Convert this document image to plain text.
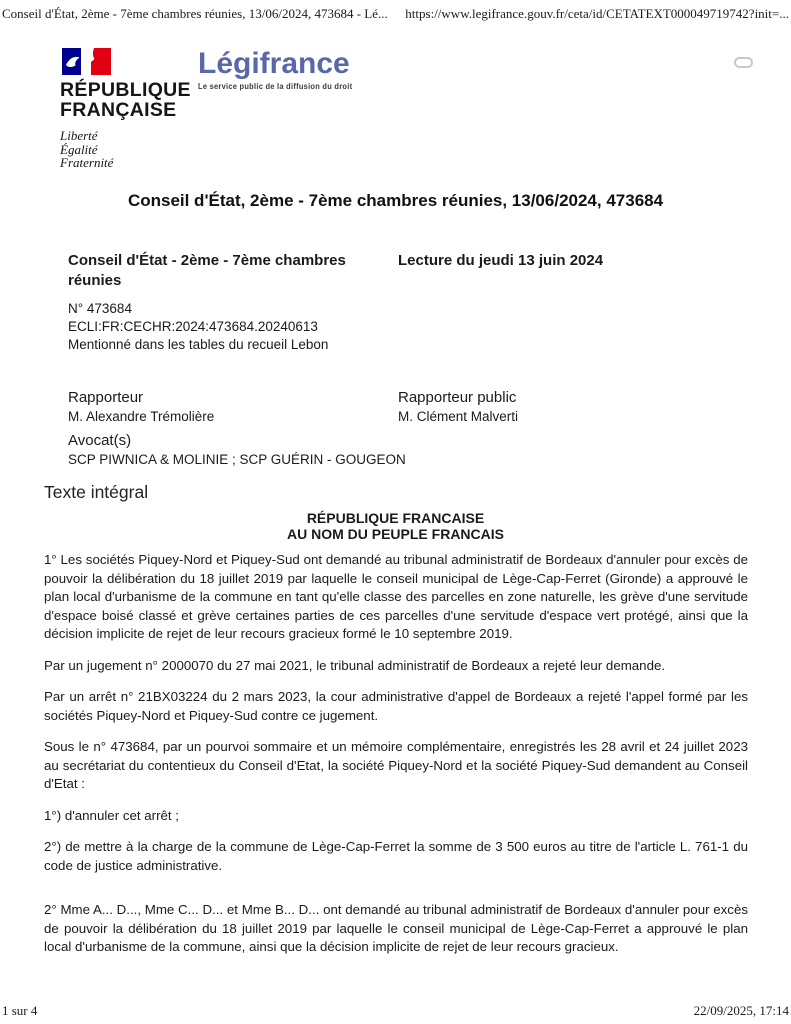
Conseil d'État, 2ème - 7ème chambres réunies, 13/06/2024, 473684 - Lé... https://www.legifrance.gouv.fr/ceta/id/CETATEXT000049719742?init=...
RÉPUBLIQUE
FRANÇAISE
Liberté
Égalité
Fraternité
Légifrance
Le service public de la diffusion du droit
Conseil d'État, 2ème - 7ème chambres réunies, 13/06/2024, 473684
Conseil d'État - 2ème - 7ème chambres réunies
Lecture du jeudi 13 juin 2024
N° 473684
ECLI:FR:CECHR:2024:473684.20240613
Mentionné dans les tables du recueil Lebon
Rapporteur
M. Alexandre Trémolière
Rapporteur public
M. Clément Malverti
Avocat(s)
SCP PIWNICA & MOLINIE ; SCP GUÉRIN - GOUGEON
Texte intégral
RÉPUBLIQUE FRANCAISE
AU NOM DU PEUPLE FRANCAIS

1° Les sociétés Piquey-Nord et Piquey-Sud ont demandé au tribunal administratif de Bordeaux d'annuler pour excès de pouvoir la délibération du 18 juillet 2019 par laquelle le conseil municipal de Lège-Cap-Ferret (Gironde) a approuvé le plan local d'urbanisme de la commune en tant qu'elle classe des parcelles en zone naturelle, les grève d'une servitude d'espace boisé classé et grève certaines parties de ces parcelles d'une servitude d'espace vert protégé, ainsi que la décision implicite de rejet de leur recours gracieux formé le 10 septembre 2019.

Par un jugement n° 2000070 du 27 mai 2021, le tribunal administratif de Bordeaux a rejeté leur demande.

Par un arrêt n° 21BX03224 du 2 mars 2023, la cour administrative d'appel de Bordeaux a rejeté l'appel formé par les sociétés Piquey-Nord et Piquey-Sud contre ce jugement.

Sous le n° 473684, par un pourvoi sommaire et un mémoire complémentaire, enregistrés les 28 avril et 24 juillet 2023 au secrétariat du contentieux du Conseil d'Etat, la société Piquey-Nord et la société Piquey-Sud demandent au Conseil d'Etat :

1°) d'annuler cet arrêt ;

2°) de mettre à la charge de la commune de Lège-Cap-Ferret la somme de 3 500 euros au titre de l'article L. 761-1 du code de justice administrative.

2° Mme A... D..., Mme C... D... et Mme B... D... ont demandé au tribunal administratif de Bordeaux d'annuler pour excès de pouvoir la délibération du 18 juillet 2019 par laquelle le conseil municipal de Lège-Cap-Ferret a approuvé le plan local d'urbanisme de la commune, ainsi que la décision implicite de rejet de leur recours gracieux.

1 sur 4	22/09/2025, 17:14
